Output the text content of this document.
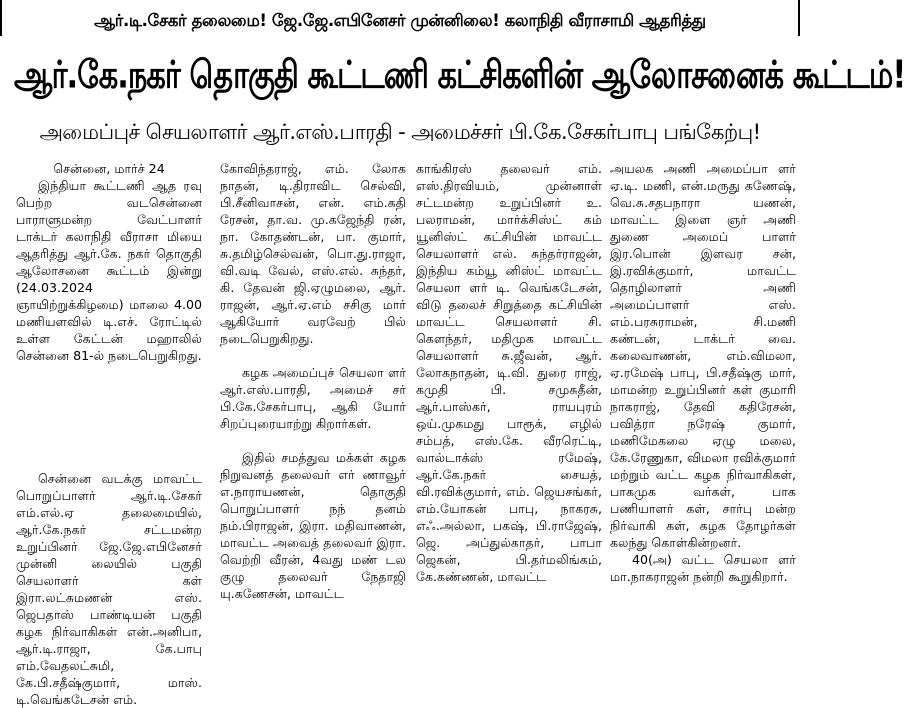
ஆர்.டி.சேகர் தலைமை! ஜே.ஜே.எபினேசர் முன்னிலை! கலாநிதி வீராசாமி ஆதரித்து
ஆர்.கே.நகர் தொகுதி கூட்டணி கட்சிகளின் ஆலோசனைக் கூட்டம்!
அமைப்புச் செயலாளர் ஆர்.எஸ்.பாரதி - அமைச்சர் பி.கே.சேகர்பாபு பங்கேற்பு!

சென்னை, மார்ச் 24

இந்தியா கூட்டணி ஆத ரவு பெற்ற வடசென்னை பாராளுமன்ற வேட்பாளர் டாக்டர் கலாநிதி வீராசா மியை ஆதரித்து ஆர்.கே. நகர் தொகுதி ஆலோசனை கூட்டம் இன்று (24.03.2024 ஞாயிற்றுக்கிழமை) மாலை 4.00 மணியளவில் டி.எச். ரோட்டில் உள்ள கேட்டன் மஹாலில் சென்னை 81-ல் நடைபெறுகிறது.

சென்னை வடக்கு மாவட்ட பொறுப்பாளர் ஆர்.டி.சேகர் எம்.எல்.ஏ தலைமையில், ஆர்.கே.நகர் சட்டமன்ற உறுப்பினர் ஜே.ஜே.எபினேசர் முன்னி லையில் பகுதி செயலாளர் கள் இரா.லட்சுமணன் எஸ். ஜெபதாஸ் பாண்டியன் பகுதி கழக நிர்வாகிகள் என்.அனிபா, ஆர்.டி.ராஜா, கே.பாபு எம்.வேதலட்சுமி, கே.பி.சதீஷ்குமார், மாஸ். டி.வெங்கடேசன் எம்.

கோவிந்தராஜ், எம். லோக நாதன், டி.திராவிட செல்வி, பி.சீனிவாசன், என். எம்.கதி ரேசன், தா.வ. மு.கஜேந்தி ரன், நா. கோதண்டன், பா. குமார், சு.தமிழ்செல்வன், பொ.து.ராஜா, வி.வடி வேல், எஸ்.எல். சுந்தர், கி. தேவன் ஜி.ஏழுமலை, ஆர். ராஜன், ஆர்.ஏ.எம் சசிகு மார் ஆகியோர் வரவேற் பில் நடைபெறுகிறது.

கழக அமைப்புச் செயலா ளர் ஆர்.எஸ்.பாரதி, அமைச் சர் பி.கே.சேகர்பாபு, ஆகி யோர் சிறப்புரையாற்று கிறார்கள்.

இதில் சமத்துவ மக்கள் கழக நிறுவனத் தலைவர் எர் ணாவூர் எ.நாராயணன், தொகுதி பொறுப்பாளர் நந் தனம் நம்.பிராஜன், இரா. மதிவாணன், மாவட்ட அவைத் தலைவர் இரா. வெற்றி வீரன், 4வது மண் டல குழு தலைவர் நேதாஜி யு.கணேசன், மாவட்ட

காங்கிரஸ் தலைவர் எம். எஸ்.திரவியம், முன்னாள் சட்டமன்ற உறுப்பினர் உ. பலராமன், மார்க்சிஸ்ட் கம் யூனிஸ்ட் கட்சியின் மாவட்ட செயலாளர் எல். சுந்தர்ராஜன், இந்திய கம்யூ னிஸ்ட் மாவட்ட செயலா ளர் டி. வெங்கடேசன், விடு தலைச் சிறுத்தை கட்சியின் மாவட்ட செயலாளர் சி. கௌந்தர், மதிமுக மாவட்ட செயலாளர் சு.ஜீவன், ஆர். லோகநாதன், டி.வி. துரை ராஜ், கமுதி பி. சமுசுதீன், ஆர்.பாஸ்கர், ராயபுரம் ஒய்.முகமது பாரூக், எழில் சம்பத், எஸ்.கே. வீரரெட்டி, வால்டாக்ஸ் ரமேஷ், ஆர்.கே.நகர் சையத், வி.ரவிக்குமார், எம். ஜெயசங்கர், எம்.யோகன் பாபு, நாகரசு, எஃ.அல்லா, பகஷ், பி.ராஜேஷ், ஜெ. அப்துல்காதர், பாபா ஜெகன், பி.தர்மலிங்கம், கே.கண்ணன், மாவட்ட

அயலக அணி அமைப்பா ளர் ஏ.டி. மணி, என்.மருது கணேஷ், வெ.சு.சதபநாரா யணன், மாவட்ட இளை ஞர் அணி துணை அமைப் பாளர் இர.பொன் இளவர சன், இ.ரவிக்குமார், மாவட்ட தொழிலாளர் அணி அமைப்பாளர் எஸ். எம்.பரசுராமன், சி.மணி கண்டன், டாக்டர் வை. கலைவாணன், எம்.விமலா, ஏ.ரமேஷ் பாபு, பி.சதீஷ்கு மார், மாமன்ற உறுப்பினர் கள் குமாரி நாகராஜ், தேவி கதிரேசன், பவித்ரா நரேஷ் குமார், மணிமேகலை ஏழு மலை, கே.ரேணுகா, விமலா ரவிக்குமார் மற்றும் வட்ட கழக நிர்வாகிகள், பாகமுக வர்கள், பாக பணியாளர் கள், சார்பு மன்ற நிர்வாகி கள், கழக தோழர்கள் கலந்து கொள்கின்றனர்.

40(அ) வட்ட செயலா ளர் மா.நாகராஜன் நன்றி கூறுகிறார்.
